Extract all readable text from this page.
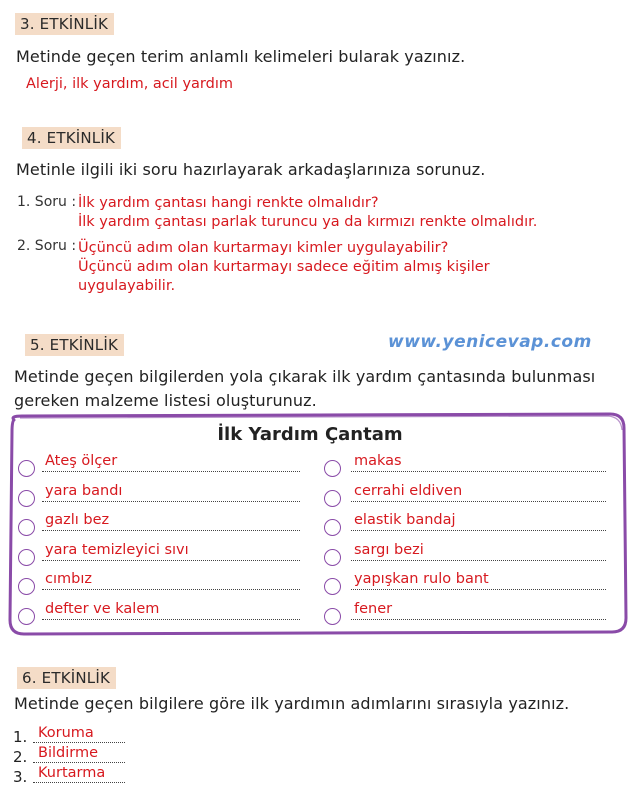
3. ETKİNLİK
Metinde geçen terim anlamlı kelimeleri bularak yazınız.
Alerji, ilk yardım, acil yardım
4. ETKİNLİK
Metinle ilgili iki soru hazırlayarak arkadaşlarınıza sorunuz.
1. Soru : İlk yardım çantası hangi renkte olmalıdır?
İlk yardım çantası parlak turuncu ya da kırmızı renkte olmalıdır.
2. Soru : Üçüncü adım olan kurtarmayı kimler uygulayabilir?
Üçüncü adım olan kurtarmayı sadece eğitim almış kişiler
uygulayabilir.
5. ETKİNLİK	www.yenicevap.com
Metinde geçen bilgilerden yola çıkarak ilk yardım çantasında bulunması
gereken malzeme listesi oluşturunuz.
İlk Yardım Çantam
Ateş ölçer
yara bandı
gazlı bez
yara temizleyici sıvı
cımbız
defter ve kalem
makas
cerrahi eldiven
elastik bandaj
sargı bezi
yapışkan rulo bant
fener
6. ETKİNLİK
Metinde geçen bilgilere göre ilk yardımın adımlarını sırasıyla yazınız.
1. Koruma
2. Bildirme
3. Kurtarma
